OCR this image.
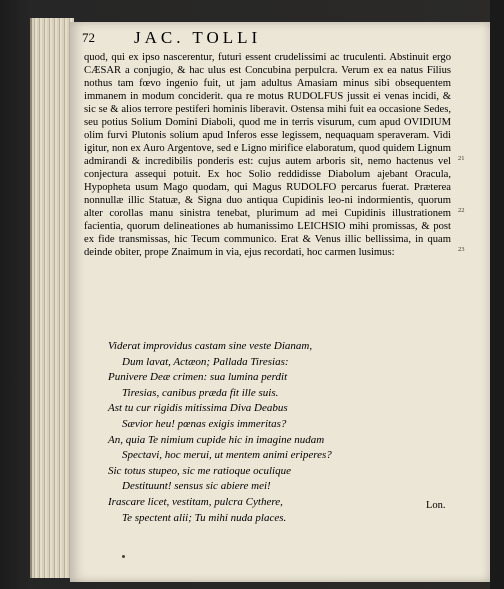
72 JAC. TOLLI

quod, qui ex ipso nascerentur, futuri essent crudelissimi ac truculenti. Abstinuit ergo CÆSAR a conjugio, & hac ulus est Concubina perpulcra. Verum ex ea natus Filius nothus tam fœvo ingenio fuit, ut jam adultus Amasiam minus sibi obsequentem immanem in modum conciderit. qua re motus RUDOLFUS jussit ei venas incidi, & sic se & alios terrore pestiferi hominis liberavit. Ostensa mihi fuit ea occasione Sedes, seu potius Solium Domini Diaboli, quod me in terris visurum, cum apud OVIDIUM olim furvi Plutonis solium apud Inferos esse legissem, nequaquam speraveram. Vidi igitur, non ex Auro Argentove, sed e Ligno mirifice elaboratum, quod quidem Lignum admirandi & incredibilis ponderis est: cujus autem arboris sit, nemo hactenus vel conjectura assequi potuit. Ex hoc Solio reddidisse Diabolum ajebant Oracula, Hypopheta usum Mago quodam, qui Magus RUDOLFO percarus fuerat. Præterea nonnullæ illic Statuæ, & Signa duo antiqua Cupidinis leo-ni indormientis, quorum alter corollas manu sinistra tenebat, plurimum ad mei Cupidinis illustrationem facientia, quorum delineationes ab humanissimo LEICHSIO mihi promissas, & post ex fide transmissas, hic Tecum communico. Erat & Venus illic bellissima, in quam deinde obiter, prope Znaimum in via, ejus recordati, hoc carmen lusimus:

21
22
23
Viderat improvidus castam sine veste Dianam,
Dum lavat, Actæon; Pallada Tiresias:
Punivere Deæ crimen: sua lumina perdit
Tiresias, canibus præda fit ille suis.
Ast tu cur rigidis mitissima Diva Deabus
Sævior heu! pœnas exigis immeritas?
An, quia Te nimium cupide hic in imagine nudam
Spectavi, hoc merui, ut mentem animi eriperes?
Sic totus stupeo, sic me ratioque oculique
Destituunt! sensus sic abiere mei!
Irascare licet, vestitam, pulcra Cythere,
Te spectent alii; Tu mihi nuda places.
Lon.
